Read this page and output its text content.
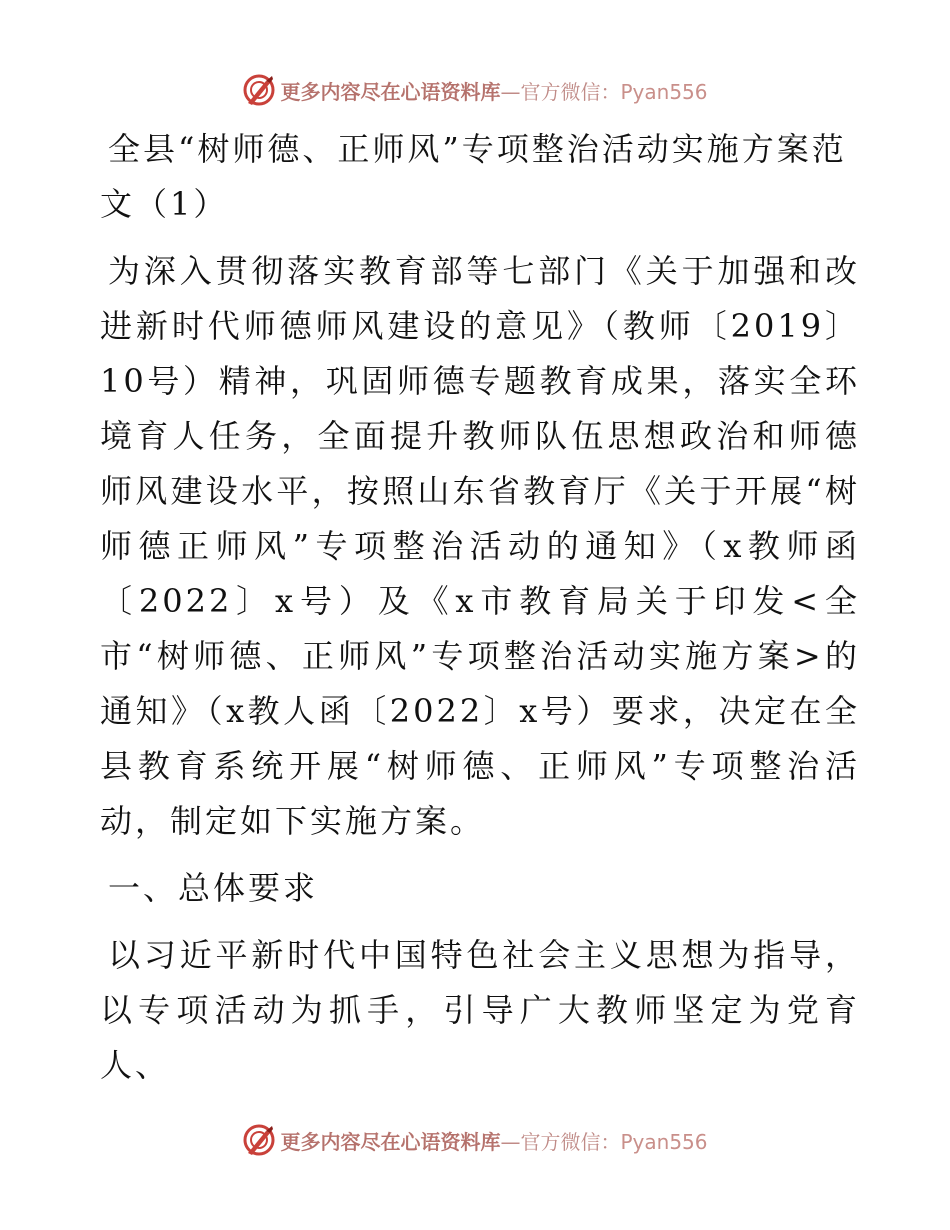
更多内容尽在心语资料库—官方微信：Pyan556
全县“树师德、正师风”专项整治活动实施方案范文（1）
为深入贯彻落实教育部等七部门《关于加强和改进新时代师德师风建设的意见》（教师〔2019〕10号）精神，巩固师德专题教育成果，落实全环境育人任务，全面提升教师队伍思想政治和师德师风建设水平，按照山东省教育厅《关于开展“树师德正师风”专项整治活动的通知》（x教师函〔2022〕x号）及《x市教育局关于印发<全市“树师德、正师风”专项整治活动实施方案>的通知》（x教人函〔2022〕x号）要求，决定在全县教育系统开展“树师德、正师风”专项整治活动，制定如下实施方案。
一、总体要求
以习近平新时代中国特色社会主义思想为指导，以专项活动为抓手，引导广大教师坚定为党育人、
更多内容尽在心语资料库—官方微信：Pyan556
